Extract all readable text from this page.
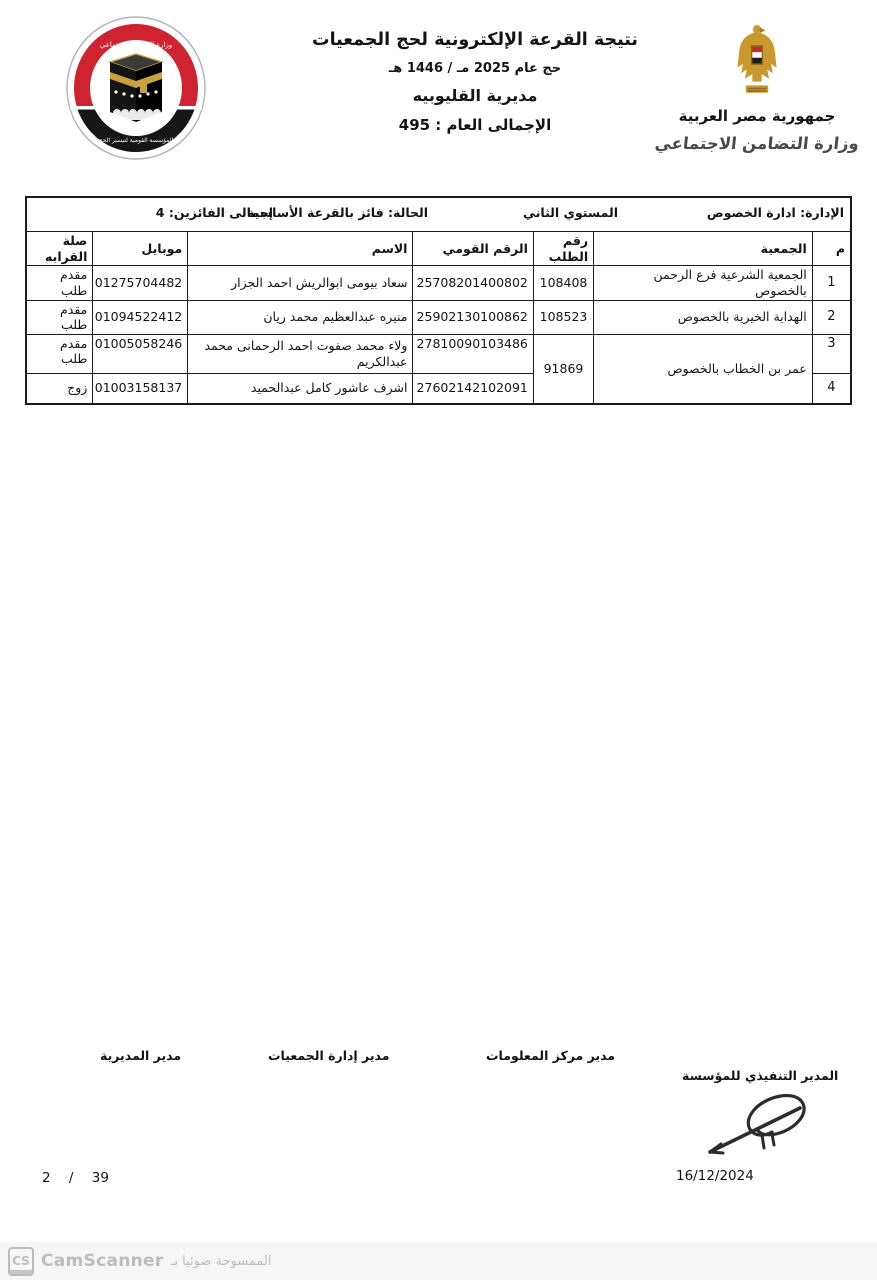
وزارة التضامن الاجتماعي
المؤسسة القومية لتيسير الحج
نتيجة القرعة الإلكترونية لحج الجمعيات
حج عام 2025 مـ / 1446 هـ
مديرية القليوبيه
الإجمالى العام : 495	جمهورية مصر العربية
وزارة التضامن الاجتماعي
الإدارة: ادارة الخصوص
المستوي الثاني
الحالة: فائز بالقرعة الأساسية
إجمالى الفائزين: 4						

م	الجمعية	رقم الطلب	الرقم القومي	الاسم	موبايل	صلة القرابه
1	الجمعية الشرعية فرع الرحمن بالخصوص	108408	25708201400802	سعاد بيومى ابوالريش احمد الجزار	01275704482	مقدم طلب
2	الهداية الخيرية بالخصوص	108523	25902130100862	منيره عبدالعظيم محمد ريان	01094522412	مقدم طلب
3	عمر بن الخطاب بالخصوص	91869	27810090103486	ولاء محمد صفوت احمد الرحمانى محمد عبدالكريم	01005058246	مقدم طلب
4			27602142102091	اشرف عاشور كامل عبدالحميد	01003158137	زوج
مدير المديرية	مدير إدارة الجمعيات	مدير مركز المعلومات
المدير التنفيذي للمؤسسة
2 / 39	16/12/2024
CS CamScanner الممسوحة ضوئيا بـ
